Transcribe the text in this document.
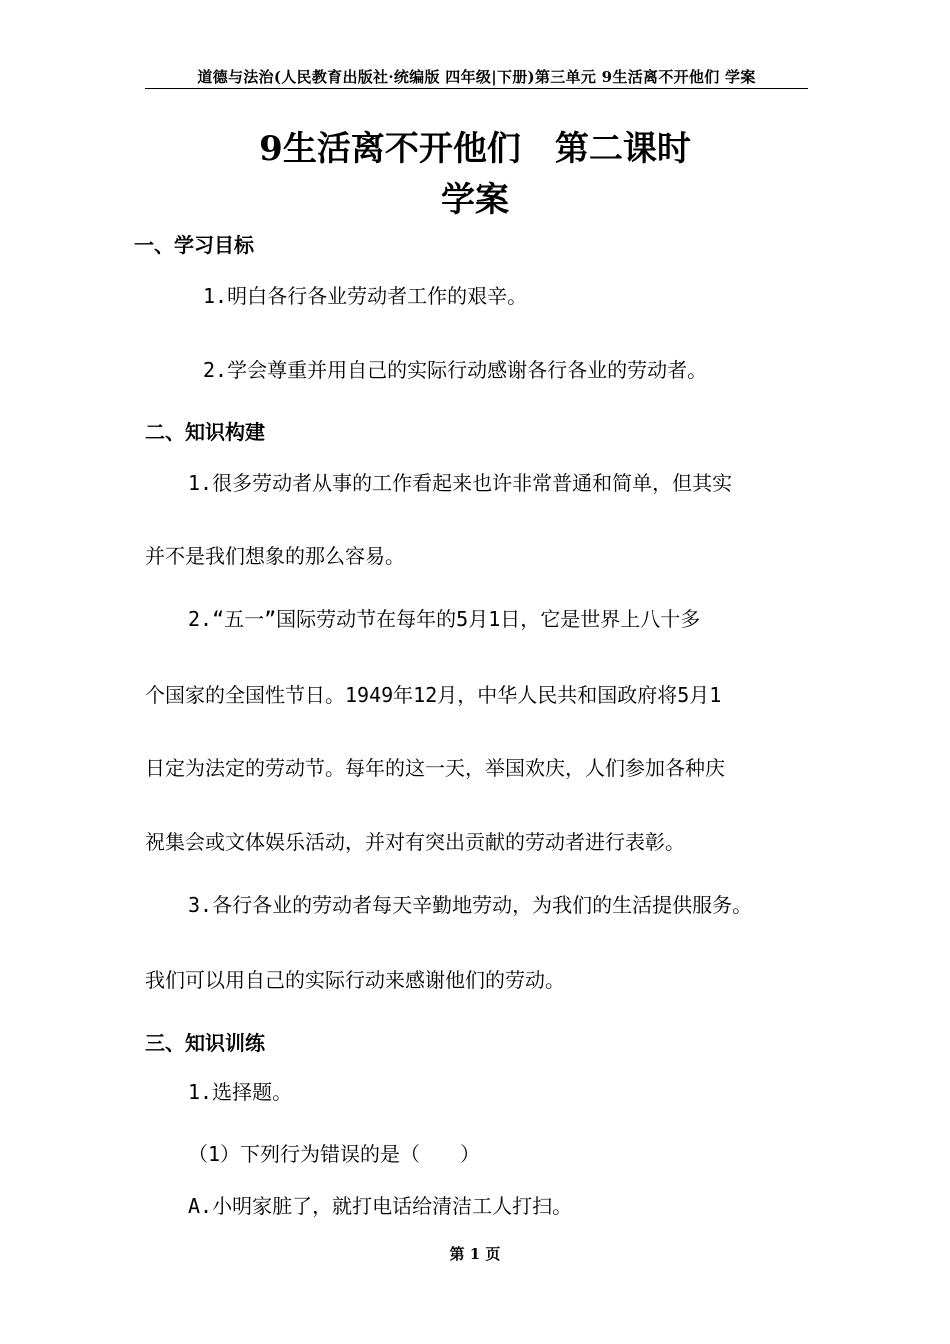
道德与法治(人民教育出版社·统编版 四年级|下册)第三单元 9生活离不开他们 学案
9生活离不开他们　第二课时
学案
一、学习目标
1.明白各行各业劳动者工作的艰辛。
2.学会尊重并用自己的实际行动感谢各行各业的劳动者。
二、知识构建
1.很多劳动者从事的工作看起来也许非常普通和简单，但其实
并不是我们想象的那么容易。
2.“五一”国际劳动节在每年的5月1日，它是世界上八十多
个国家的全国性节日。1949年12月，中华人民共和国政府将5月1
日定为法定的劳动节。每年的这一天，举国欢庆，人们参加各种庆
祝集会或文体娱乐活动，并对有突出贡献的劳动者进行表彰。
3.各行各业的劳动者每天辛勤地劳动，为我们的生活提供服务。
我们可以用自己的实际行动来感谢他们的劳动。
三、知识训练
1.选择题。
（1）下列行为错误的是（　　）
A.小明家脏了，就打电话给清洁工人打扫。
第 1 页
